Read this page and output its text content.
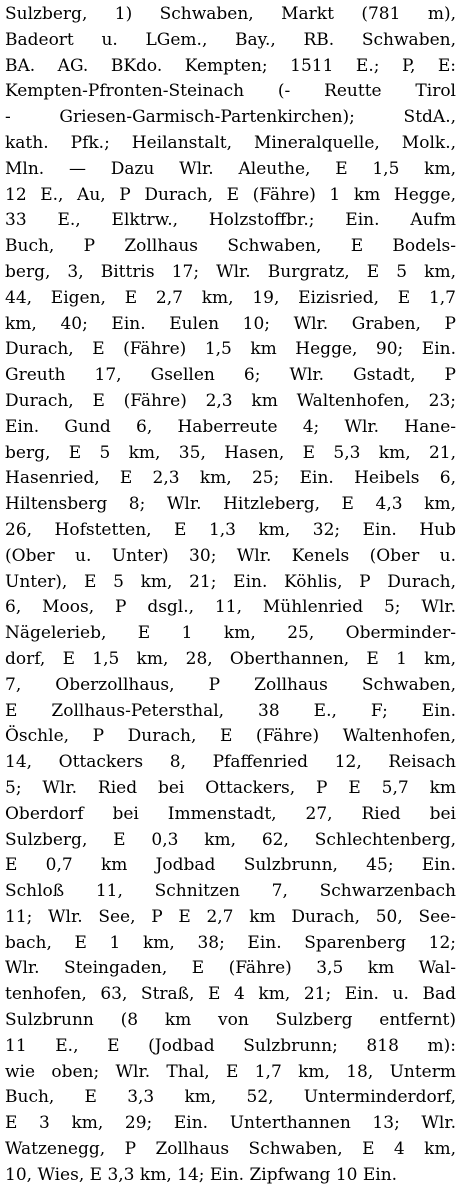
Sulzberg, 1) Schwaben, Markt (781 m),
Badeort u. LGem., Bay., RB. Schwaben,
BA. AG. BKdo. Kempten; 1511 E.; P, E:
Kempten-Pfronten-Steinach (- Reutte Tirol
- Griesen-Garmisch-Partenkirchen); StdA.,
kath. Pfk.; Heilanstalt, Mineralquelle, Molk.,
Mln. — Dazu Wlr. Aleuthe, E 1,5 km,
12 E., Au, P Durach, E (Fähre) 1 km Hegge,
33 E., Elktrw., Holzstoffbr.; Ein. Aufm
Buch, P Zollhaus Schwaben, E Bodels-
berg, 3, Bittris 17; Wlr. Burgratz, E 5 km,
44, Eigen, E 2,7 km, 19, Eizisried, E 1,7
km, 40; Ein. Eulen 10; Wlr. Graben, P
Durach, E (Fähre) 1,5 km Hegge, 90; Ein.
Greuth 17, Gsellen 6; Wlr. Gstadt, P
Durach, E (Fähre) 2,3 km Waltenhofen, 23;
Ein. Gund 6, Haberreute 4; Wlr. Hane-
berg, E 5 km, 35, Hasen, E 5,3 km, 21,
Hasenried, E 2,3 km, 25; Ein. Heibels 6,
Hiltensberg 8; Wlr. Hitzleberg, E 4,3 km,
26, Hofstetten, E 1,3 km, 32; Ein. Hub
(Ober u. Unter) 30; Wlr. Kenels (Ober u.
Unter), E 5 km, 21; Ein. Köhlis, P Durach,
6, Moos, P dsgl., 11, Mühlenried 5; Wlr.
Nägelerieb, E 1 km, 25, Oberminder-
dorf, E 1,5 km, 28, Oberthannen, E 1 km,
7, Oberzollhaus, P Zollhaus Schwaben,
E Zollhaus-Petersthal, 38 E., F; Ein.
Öschle, P Durach, E (Fähre) Waltenhofen,
14, Ottackers 8, Pfaffenried 12, Reisach
5; Wlr. Ried bei Ottackers, P E 5,7 km
Oberdorf bei Immenstadt, 27, Ried bei
Sulzberg, E 0,3 km, 62, Schlechtenberg,
E 0,7 km Jodbad Sulzbrunn, 45; Ein.
Schloß 11, Schnitzen 7, Schwarzenbach
11; Wlr. See, P E 2,7 km Durach, 50, See-
bach, E 1 km, 38; Ein. Sparenberg 12;
Wlr. Steingaden, E (Fähre) 3,5 km Wal-
tenhofen, 63, Straß, E 4 km, 21; Ein. u. Bad
Sulzbrunn (8 km von Sulzberg entfernt)
11 E., E (Jodbad Sulzbrunn; 818 m):
wie oben; Wlr. Thal, E 1,7 km, 18, Unterm
Buch, E 3,3 km, 52, Unterminderdorf,
E 3 km, 29; Ein. Unterthannen 13; Wlr.
Watzenegg, P Zollhaus Schwaben, E 4 km,
10, Wies, E 3,3 km, 14; Ein. Zipfwang 10 Ein.
